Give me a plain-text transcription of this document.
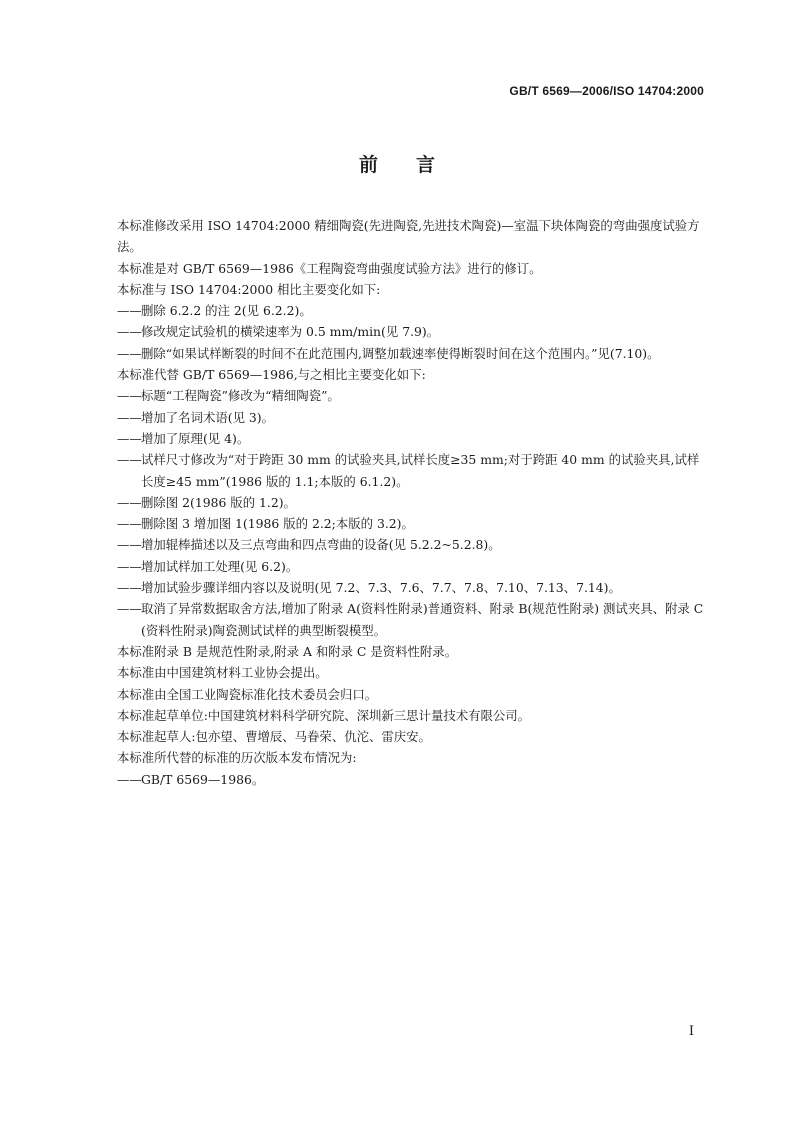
GB/T 6569—2006/ISO 14704:2000
前言

本标准修改采用 ISO 14704:2000 精细陶瓷(先进陶瓷,先进技术陶瓷)—室温下块体陶瓷的弯曲强度试验方法。

本标准是对 GB/T 6569—1986《工程陶瓷弯曲强度试验方法》进行的修订。

本标准与 ISO 14704:2000 相比主要变化如下:

——删除 6.2.2 的注 2(见 6.2.2)。

——修改规定试验机的横梁速率为 0.5 mm/min(见 7.9)。

——删除“如果试样断裂的时间不在此范围内,调整加载速率使得断裂时间在这个范围内。”见(7.10)。

本标准代替 GB/T 6569—1986,与之相比主要变化如下:

——标题“工程陶瓷”修改为“精细陶瓷”。

——增加了名词术语(见 3)。

——增加了原理(见 4)。

——试样尺寸修改为“对于跨距 30 mm 的试验夹具,试样长度≥35 mm;对于跨距 40 mm 的试验夹具,试样长度≥45 mm”(1986 版的 1.1;本版的 6.1.2)。

——删除图 2(1986 版的 1.2)。

——删除图 3 增加图 1(1986 版的 2.2;本版的 3.2)。

——增加辊棒描述以及三点弯曲和四点弯曲的设备(见 5.2.2~5.2.8)。

——增加试样加工处理(见 6.2)。

——增加试验步骤详细内容以及说明(见 7.2、7.3、7.6、7.7、7.8、7.10、7.13、7.14)。

——取消了异常数据取舍方法,增加了附录 A(资料性附录)普通资料、附录 B(规范性附录) 测试夹具、附录 C (资料性附录)陶瓷测试试样的典型断裂模型。

本标准附录 B 是规范性附录,附录 A 和附录 C 是资料性附录。

本标准由中国建筑材料工业协会提出。

本标准由全国工业陶瓷标准化技术委员会归口。

本标准起草单位:中国建筑材料科学研究院、深圳新三思计量技术有限公司。

本标准起草人:包亦望、曹增辰、马眷荣、仇沱、雷庆安。

本标准所代替的标准的历次版本发布情况为:

——GB/T 6569—1986。

I
